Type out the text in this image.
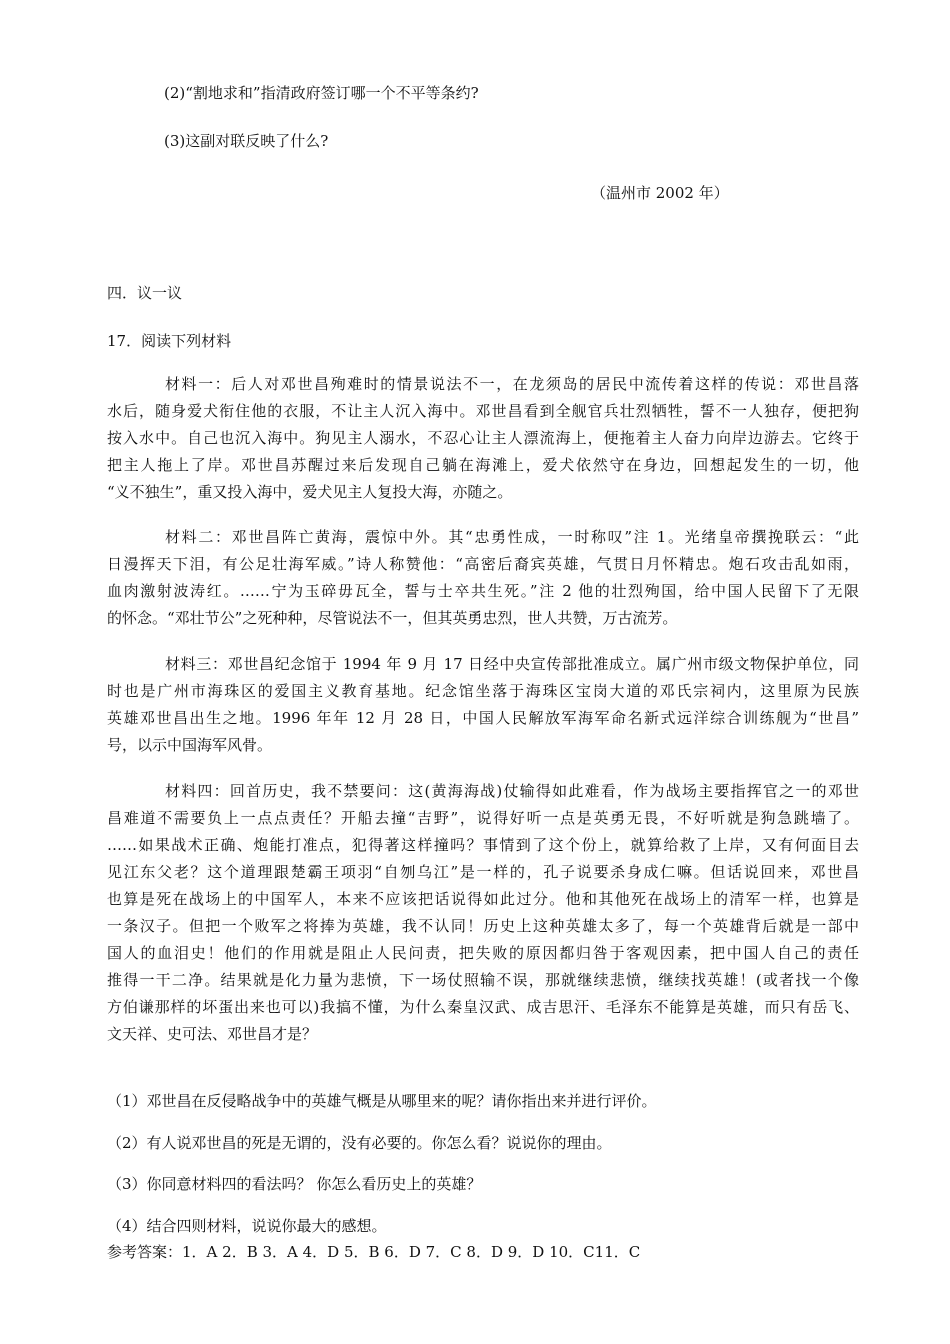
(2)“割地求和”指清政府签订哪一个不平等条约?
(3)这副对联反映了什么?
（温州市 2002 年）
四．议一议
17．阅读下列材料
材料一：后人对邓世昌殉难时的情景说法不一，在龙须岛的居民中流传着这样的传说：邓世昌落
水后，随身爱犬衔住他的衣服，不让主人沉入海中。邓世昌看到全舰官兵壮烈牺牲，誓不一人独存，便把狗
按入水中。自己也沉入海中。狗见主人溺水，不忍心让主人漂流海上，便拖着主人奋力向岸边游去。它终于
把主人拖上了岸。邓世昌苏醒过来后发现自己躺在海滩上，爱犬依然守在身边，回想起发生的一切，他
“义不独生”，重又投入海中，爱犬见主人复投大海，亦随之。
材料二：邓世昌阵亡黄海，震惊中外。其“忠勇性成，一时称叹”注 1。光绪皇帝撰挽联云：“此
日漫挥天下泪，有公足壮海军威。”诗人称赞他：“高密后裔宾英雄，气贯日月怀精忠。炮石攻击乱如雨，
血肉激射波涛红。……宁为玉碎毋瓦全，誓与士卒共生死。”注 2 他的壮烈殉国，给中国人民留下了无限
的怀念。“邓壮节公”之死种种，尽管说法不一，但其英勇忠烈，世人共赞，万古流芳。
材料三：邓世昌纪念馆于 1994 年 9 月 17 日经中央宣传部批准成立。属广州市级文物保护单位，同
时也是广州市海珠区的爱国主义教育基地。纪念馆坐落于海珠区宝岗大道的邓氏宗祠内，这里原为民族
英雄邓世昌出生之地。1996 年年 12 月 28 日，中国人民解放军海军命名新式远洋综合训练舰为“世昌”
号，以示中国海军风骨。
材料四：回首历史，我不禁要问：这(黄海海战)仗输得如此难看，作为战场主要指挥官之一的邓世
昌难道不需要负上一点点责任？开船去撞“吉野”，说得好听一点是英勇无畏，不好听就是狗急跳墙了。
……如果战术正确、炮能打准点，犯得著这样撞吗？事情到了这个份上，就算给救了上岸，又有何面目去
见江东父老？这个道理跟楚霸王项羽“自刎乌江”是一样的，孔子说要杀身成仁嘛。但话说回来，邓世昌
也算是死在战场上的中国军人，本来不应该把话说得如此过分。他和其他死在战场上的清军一样，也算是
一条汉子。但把一个败军之将捧为英雄，我不认同！历史上这种英雄太多了，每一个英雄背后就是一部中
国人的血泪史！他们的作用就是阻止人民问责，把失败的原因都归咎于客观因素，把中国人自己的责任
推得一干二净。结果就是化力量为悲愤，下一场仗照输不误，那就继续悲愤，继续找英雄！(或者找一个像
方伯谦那样的坏蛋出来也可以)我搞不懂，为什么秦皇汉武、成吉思汗、毛泽东不能算是英雄，而只有岳飞、
文天祥、史可法、邓世昌才是？
（1）邓世昌在反侵略战争中的英雄气概是从哪里来的呢？请你指出来并进行评价。
（2）有人说邓世昌的死是无谓的，没有必要的。你怎么看？说说你的理由。
（3）你同意材料四的看法吗？ 你怎么看历史上的英雄？
（4）结合四则材料，说说你最大的感想。
参考答案：1．A 2．B 3．A 4．D 5．B 6．D 7．C 8．D 9．D 10．C11．C
